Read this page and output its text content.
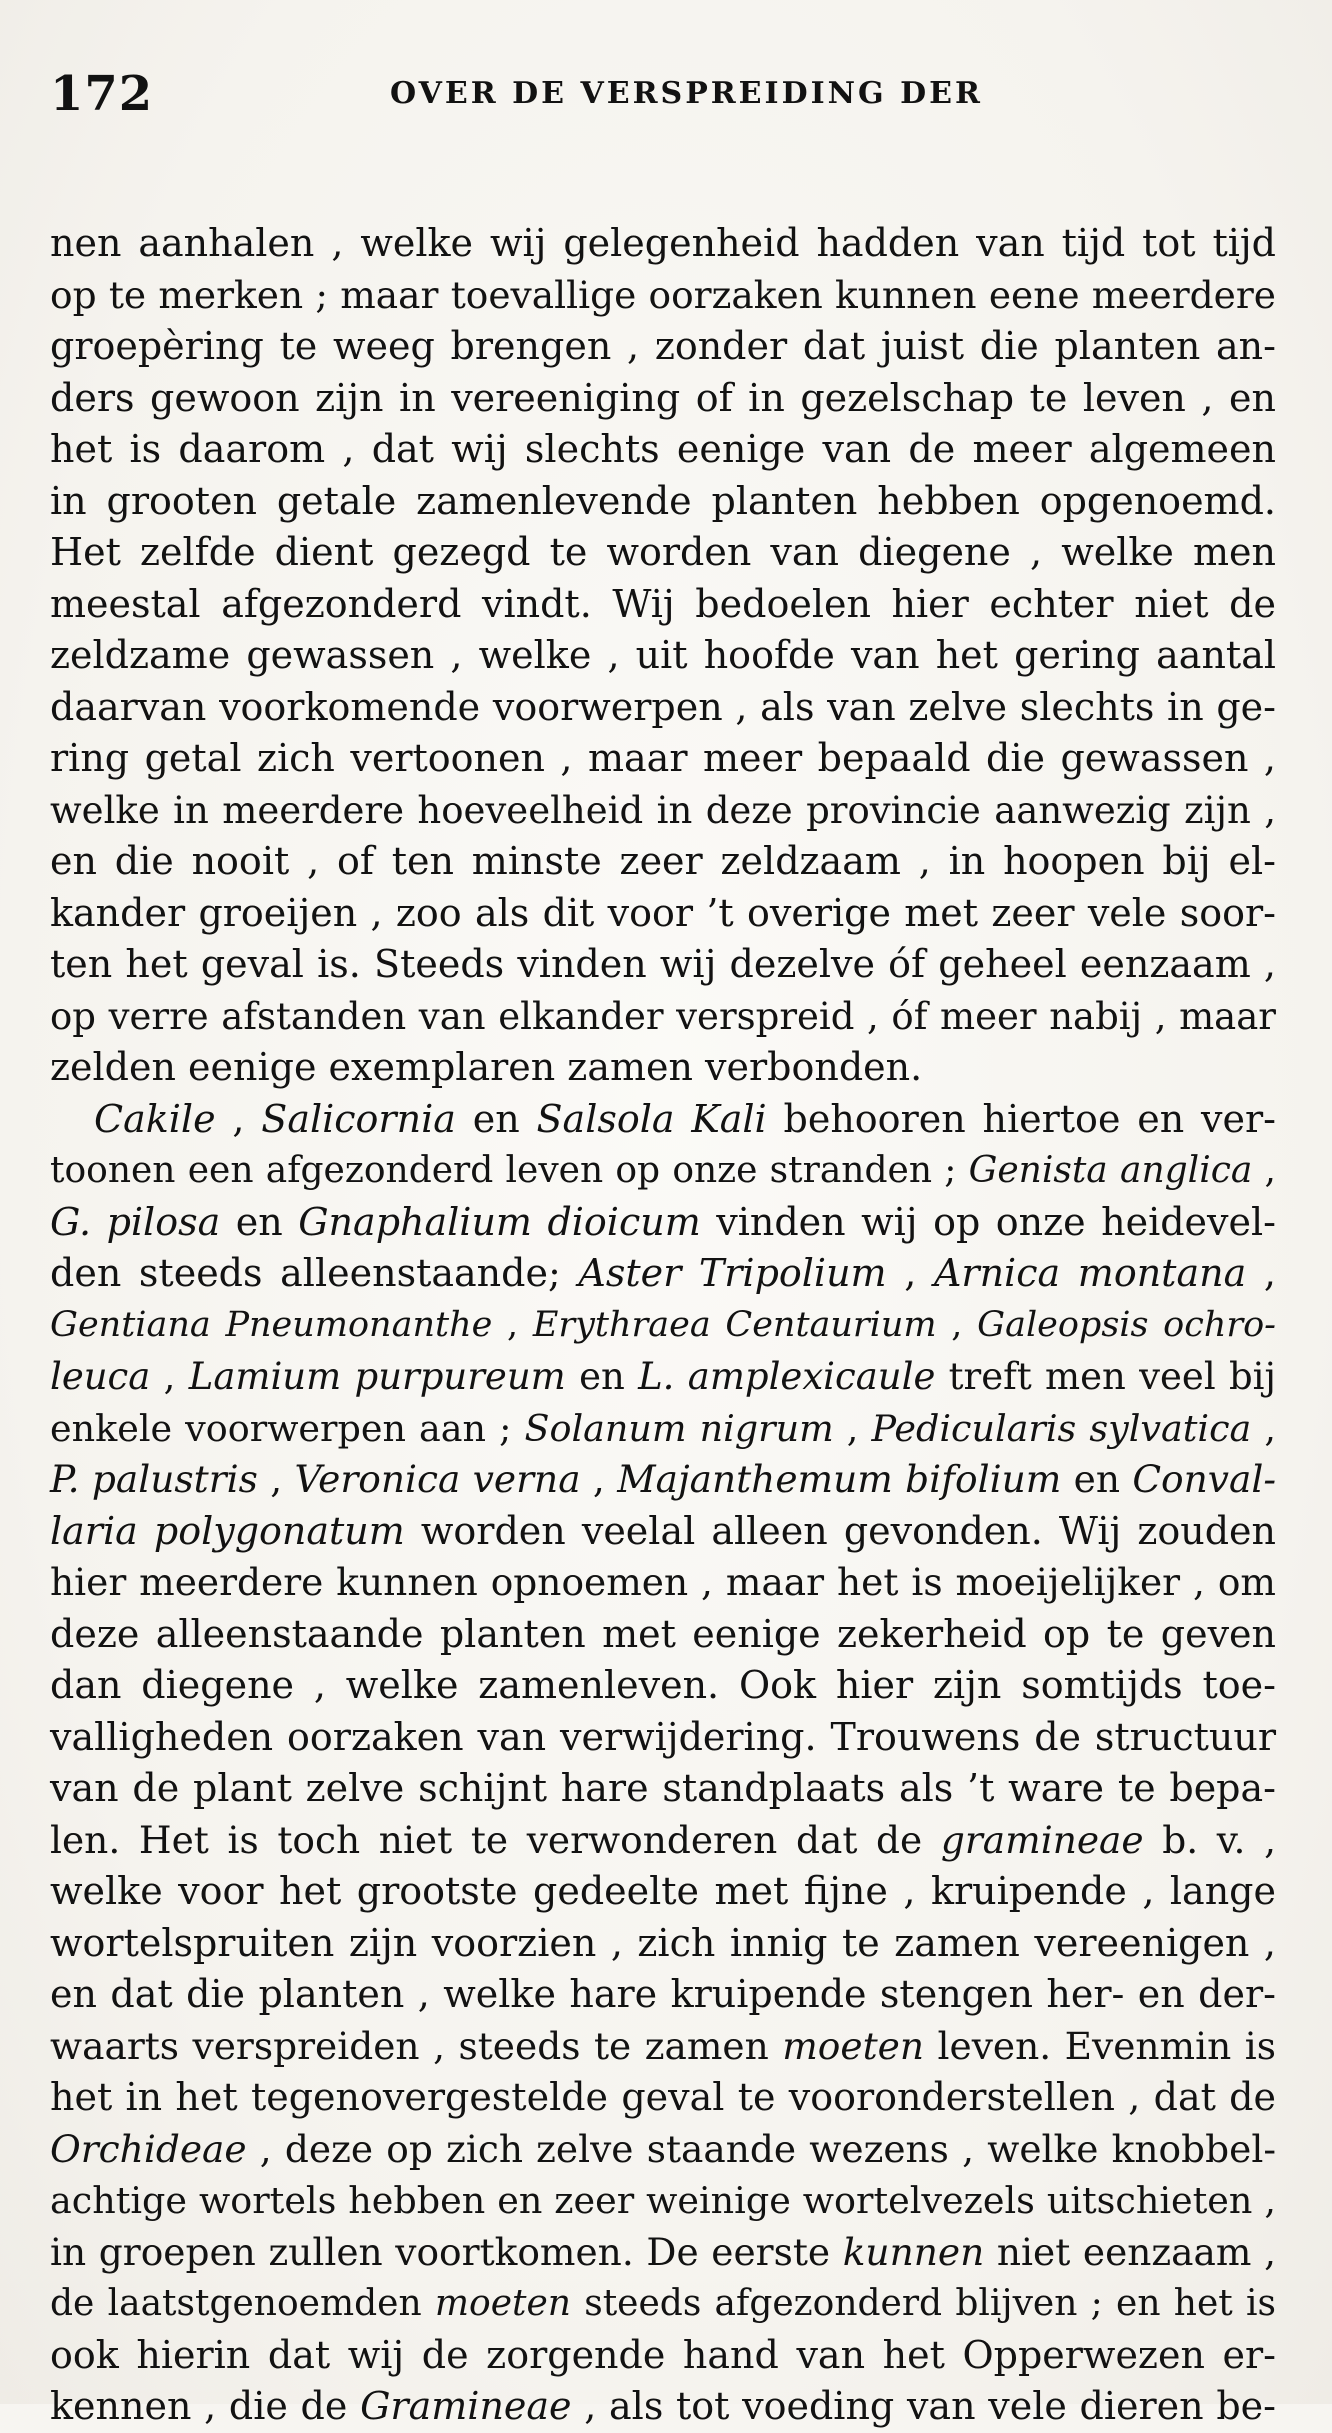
172	OVER DE VERSPREIDING DER
nen aanhalen , welke wij gelegenheid hadden van tijd tot tijd
op te merken ; maar toevallige oorzaken kunnen eene meerdere
groepèring te weeg brengen , zonder dat juist die planten an-
ders gewoon zijn in vereeniging of in gezelschap te leven , en
het is daarom , dat wij slechts eenige van de meer algemeen
in grooten getale zamenlevende planten hebben opgenoemd.
Het zelfde dient gezegd te worden van diegene , welke men
meestal afgezonderd vindt. Wij bedoelen hier echter niet de
zeldzame gewassen , welke , uit hoofde van het gering aantal
daarvan voorkomende voorwerpen , als van zelve slechts in ge-
ring getal zich vertoonen , maar meer bepaald die gewassen ,
welke in meerdere hoeveelheid in deze provincie aanwezig zijn ,
en die nooit , of ten minste zeer zeldzaam , in hoopen bij el-
kander groeijen , zoo als dit voor ’t overige met zeer vele soor-
ten het geval is. Steeds vinden wij dezelve óf geheel eenzaam ,
op verre afstanden van elkander verspreid , óf meer nabij , maar
zelden eenige exemplaren zamen verbonden.
Cakile , Salicornia en Salsola Kali behooren hiertoe en ver-
toonen een afgezonderd leven op onze stranden ; Genista anglica ,
G. pilosa en Gnaphalium dioicum vinden wij op onze heidevel-
den steeds alleenstaande; Aster Tripolium , Arnica montana ,
Gentiana Pneumonanthe , Erythraea Centaurium , Galeopsis ochro-
leuca , Lamium purpureum en L. amplexicaule treft men veel bij
enkele voorwerpen aan ; Solanum nigrum , Pedicularis sylvatica ,
P. palustris , Veronica verna , Majanthemum bifolium en Conval-
laria polygonatum worden veelal alleen gevonden. Wij zouden
hier meerdere kunnen opnoemen , maar het is moeijelijker , om
deze alleenstaande planten met eenige zekerheid op te geven
dan diegene , welke zamenleven. Ook hier zijn somtijds toe-
valligheden oorzaken van verwijdering. Trouwens de structuur
van de plant zelve schijnt hare standplaats als ’t ware te bepa-
len. Het is toch niet te verwonderen dat de gramineae b. v. ,
welke voor het grootste gedeelte met fijne , kruipende , lange
wortelspruiten zijn voorzien , zich innig te zamen vereenigen ,
en dat die planten , welke hare kruipende stengen her- en der-
waarts verspreiden , steeds te zamen moeten leven. Evenmin is
het in het tegenovergestelde geval te vooronderstellen , dat de
Orchideae , deze op zich zelve staande wezens , welke knobbel-
achtige wortels hebben en zeer weinige wortelvezels uitschieten ,
in groepen zullen voortkomen. De eerste kunnen niet eenzaam ,
de laatstgenoemden moeten steeds afgezonderd blijven ; en het is
ook hierin dat wij de zorgende hand van het Opperwezen er-
kennen , die de Gramineae , als tot voeding van vele dieren be-
